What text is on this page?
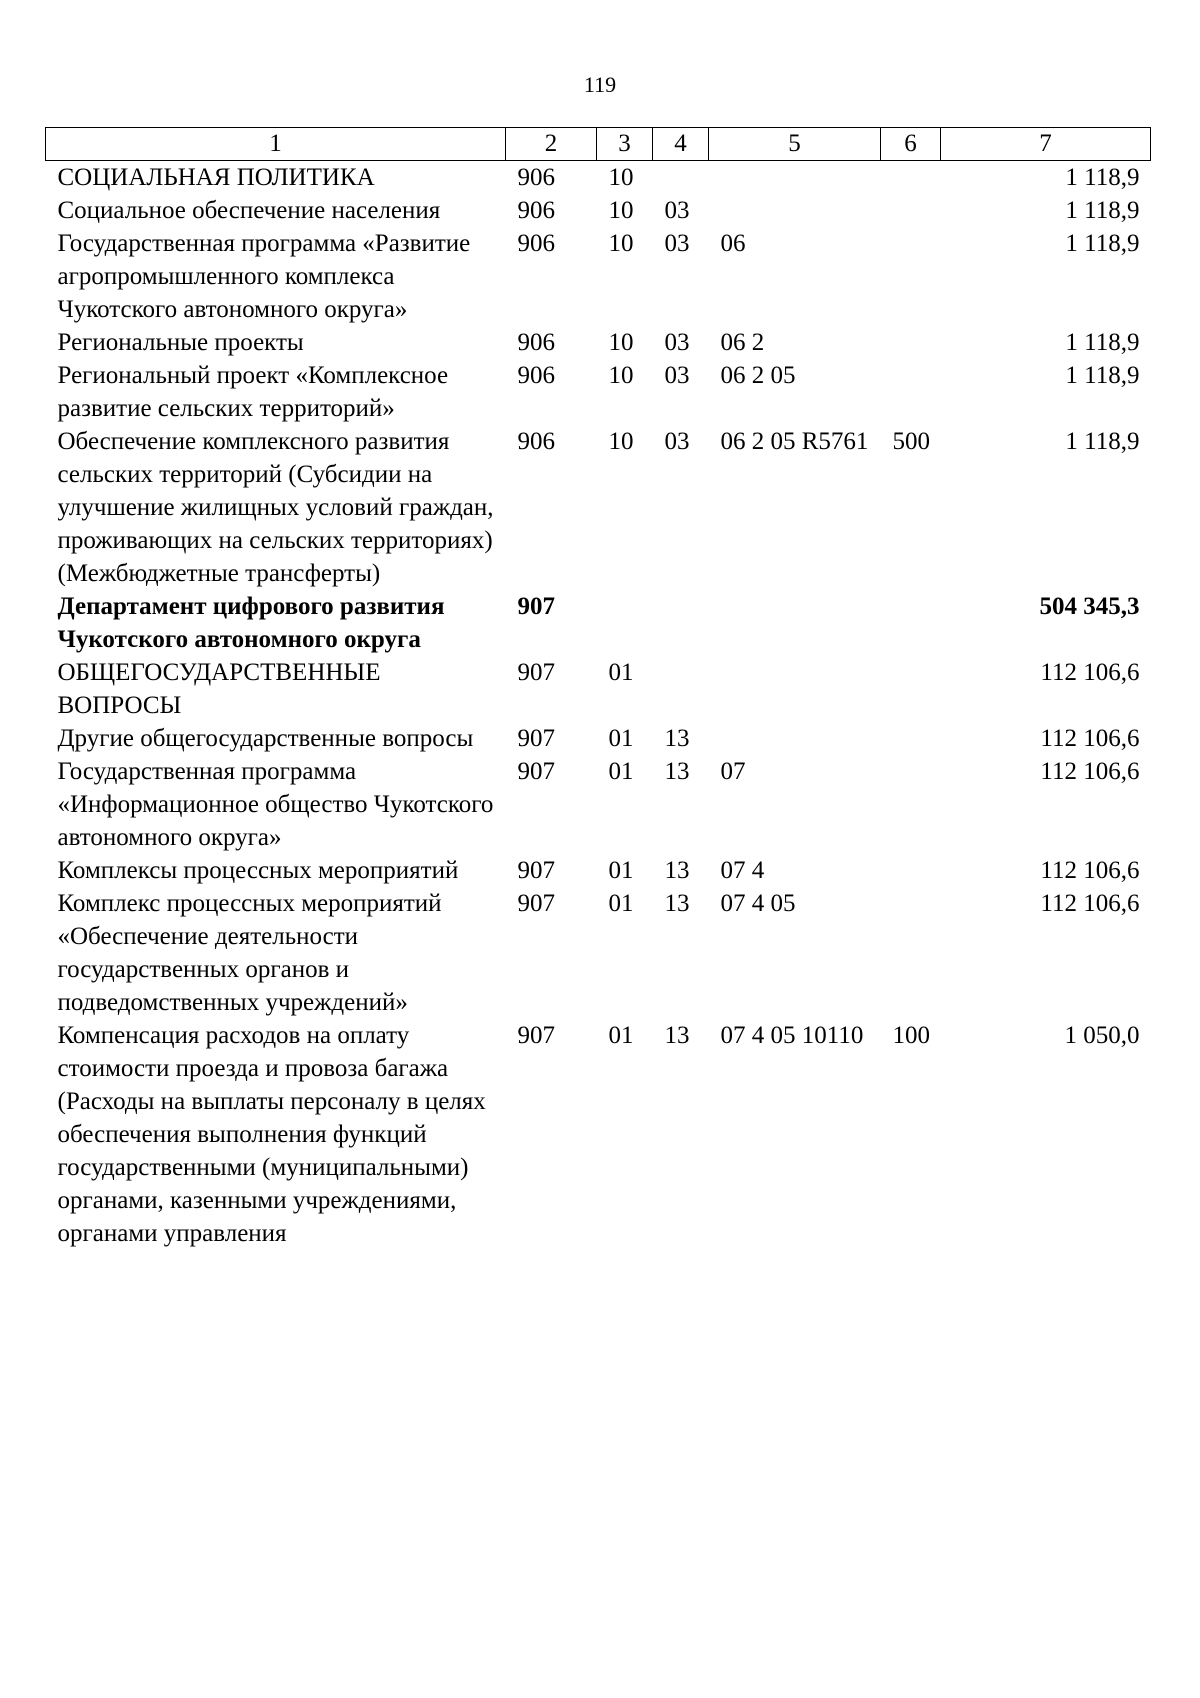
119
1	2	3	4	5	6	7
СОЦИАЛЬНАЯ ПОЛИТИКА	906	10				1 118,9
Социальное обеспечение населения	906	10	03			1 118,9
Государственная программа «Развитие агропромышленного комплекса Чукотского автономного округа»	906	10	03	06		1 118,9
Региональные проекты	906	10	03	06 2		1 118,9
Региональный проект «Комплексное развитие сельских территорий»	906	10	03	06 2 05		1 118,9
Обеспечение комплексного развития сельских территорий (Субсидии на улучшение жилищных условий граждан, проживающих на сельских территориях) (Межбюджетные трансферты)	906	10	03	06 2 05 R5761	500	1 118,9
Департамент цифрового развития Чукотского автономного округа	907					504 345,3
ОБЩЕГОСУДАРСТВЕННЫЕ ВОПРОСЫ	907	01				112 106,6
Другие общегосударственные вопросы	907	01	13			112 106,6
Государственная программа «Информационное общество Чукотского автономного округа»	907	01	13	07		112 106,6
Комплексы процессных мероприятий	907	01	13	07 4		112 106,6
Комплекс процессных мероприятий «Обеспечение деятельности государственных органов и подведомственных учреждений»	907	01	13	07 4 05		112 106,6
Компенсация расходов на оплату стоимости проезда и провоза багажа (Расходы на выплаты персоналу в целях обеспечения выполнения функций государственными (муниципальными) органами, казенными учреждениями, органами управления	907	01	13	07 4 05 10110	100	1 050,0
